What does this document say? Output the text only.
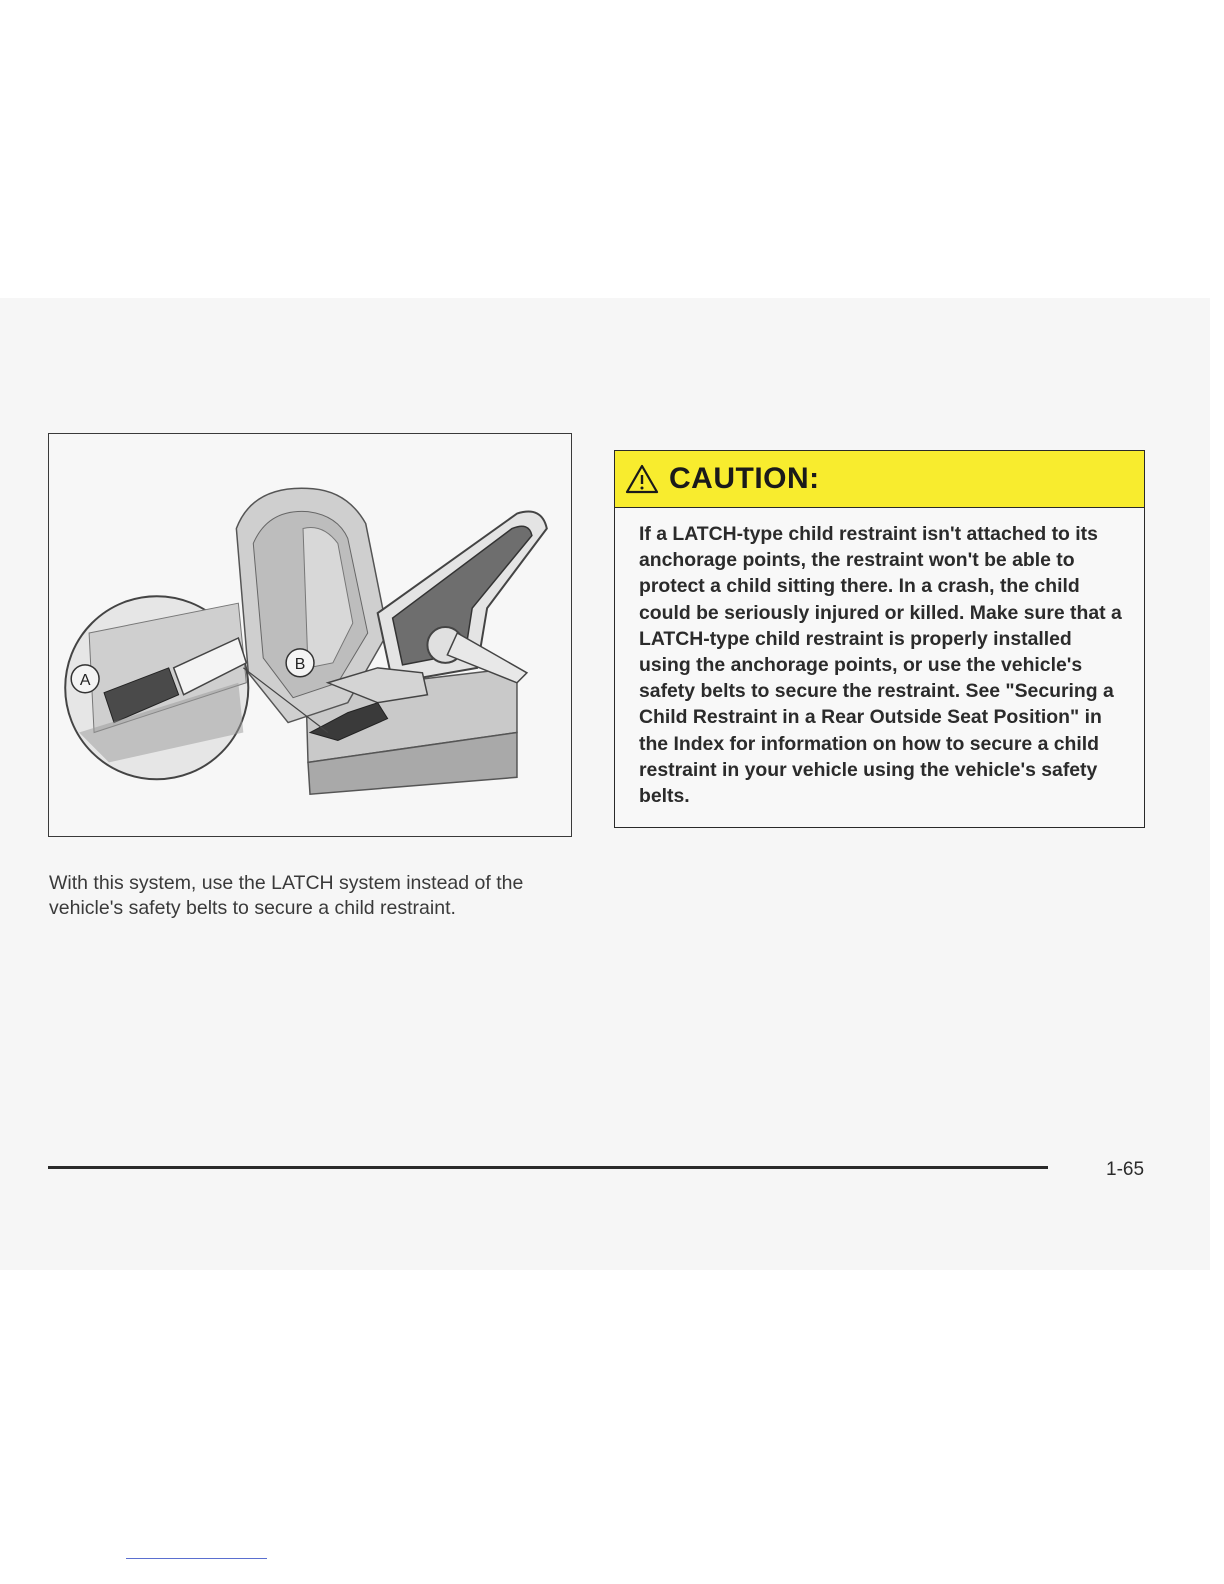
A
B
With this system, use the LATCH system instead of the vehicle's safety belts to secure a child restraint.
CAUTION:
If a LATCH-type child restraint isn't attached to its anchorage points, the restraint won't be able to protect a child sitting there. In a crash, the child could be seriously injured or killed. Make sure that a LATCH-type child restraint is properly installed using the anchorage points, or use the vehicle's safety belts to secure the restraint. See "Securing a Child Restraint in a Rear Outside Seat Position" in the Index for information on how to secure a child restraint in your vehicle using the vehicle's safety belts.
1-65
